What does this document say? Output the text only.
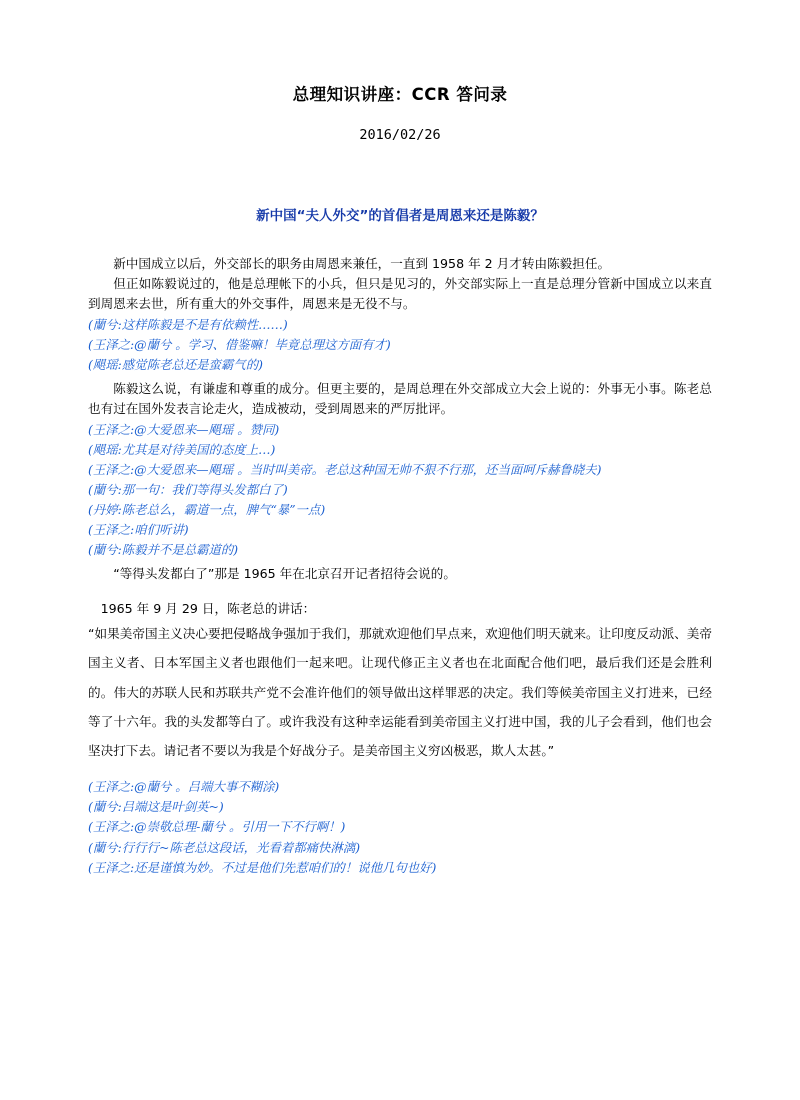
总理知识讲座：CCR 答问录

2016/02/26

新中国“夫人外交”的首倡者是周恩来还是陈毅？

新中国成立以后，外交部长的职务由周恩来兼任，一直到 1958 年 2 月才转由陈毅担任。

但正如陈毅说过的，他是总理帐下的小兵，但只是见习的，外交部实际上一直是总理分管新中国成立以来直到周恩来去世，所有重大的外交事件，周恩来是无役不与。

(蘭兮:这样陈毅是不是有依赖性……)

(王泽之:@蘭兮 。学习、借鉴嘛！毕竟总理这方面有才)

(飓瑶:感觉陈老总还是蛮霸气的)

陈毅这么说，有谦虚和尊重的成分。但更主要的，是周总理在外交部成立大会上说的：外事无小事。陈老总也有过在国外发表言论走火，造成被动，受到周恩来的严厉批评。

(王泽之:@大爱恩来—飓瑶 。赞同)

(飓瑶:尤其是对待美国的态度上…)

(王泽之:@大爱恩来—飓瑶 。当时叫美帝。老总这种国无帅不狠不行那，还当面呵斥赫鲁晓夫)

(蘭兮:那一句：我们等得头发都白了)

(丹婷:陈老总么，霸道一点，脾气“暴”一点)

(王泽之:咱们听讲)

(蘭兮:陈毅并不是总霸道的)

“等得头发都白了”那是 1965 年在北京召开记者招待会说的。

1965 年 9 月 29 日，陈老总的讲话：

“如果美帝国主义决心要把侵略战争强加于我们，那就欢迎他们早点来，欢迎他们明天就来。让印度反动派、美帝国主义者、日本军国主义者也跟他们一起来吧。让现代修正主义者也在北面配合他们吧，最后我们还是会胜利的。伟大的苏联人民和苏联共产党不会准许他们的领导做出这样罪恶的决定。我们等候美帝国主义打进来，已经等了十六年。我的头发都等白了。或许我没有这种幸运能看到美帝国主义打进中国，我的儿子会看到，他们也会坚决打下去。请记者不要以为我是个好战分子。是美帝国主义穷凶极恶，欺人太甚。”

(王泽之:@蘭兮 。吕端大事不糊涂)

(蘭兮:吕端这是叶剑英~)

(王泽之:@崇敬总理-蘭兮 。引用一下不行啊！)

(蘭兮:行行行~陈老总这段话，光看着都痛快淋漓)

(王泽之:还是谨慎为妙。不过是他们先惹咱们的！说他几句也好)
